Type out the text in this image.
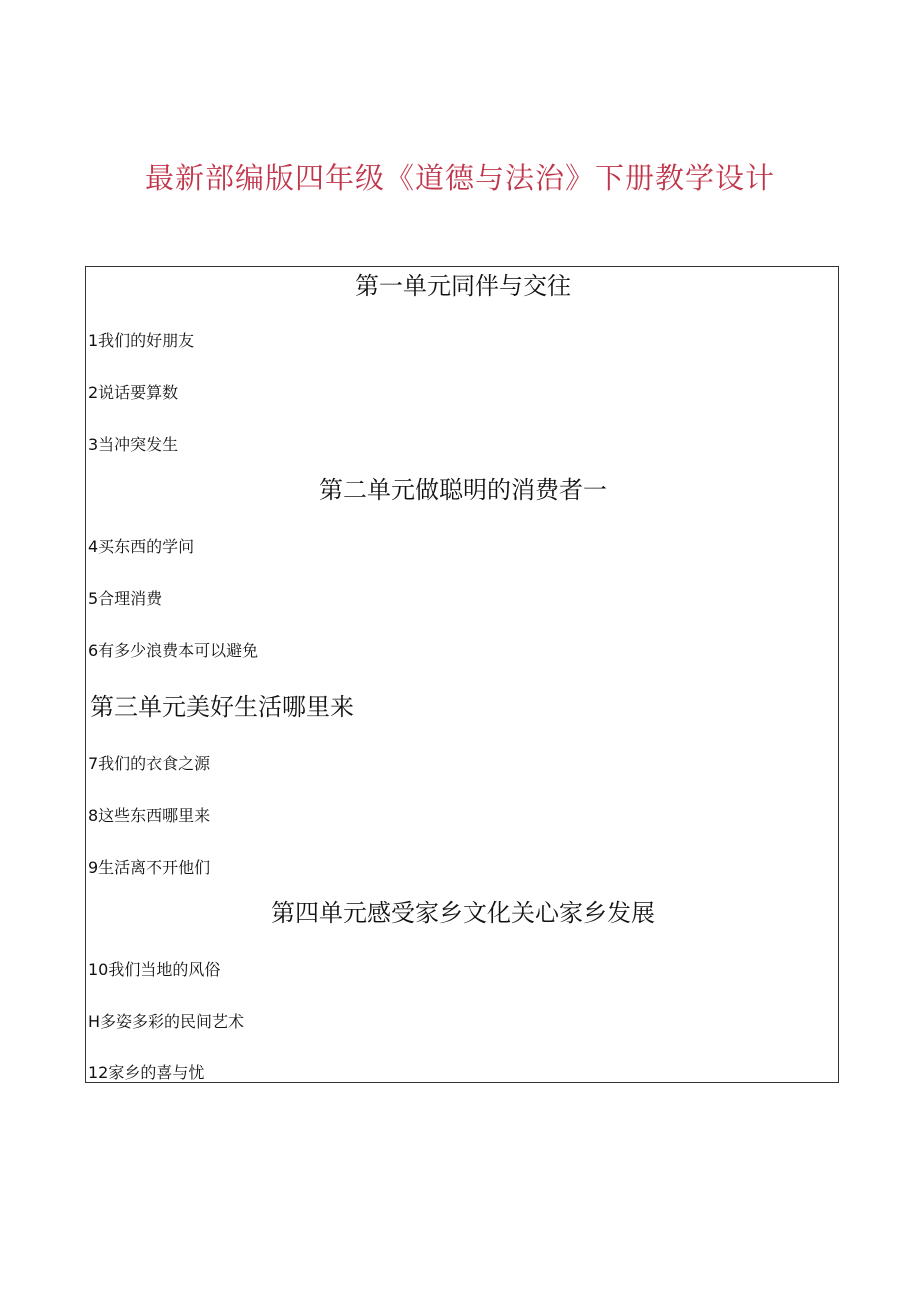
最新部编版四年级《道德与法治》下册教学设计
第一单元同伴与交往
1我们的好朋友
2说话要算数
3当冲突发生
第二单元做聪明的消费者一
4买东西的学问
5合理消费
6有多少浪费本可以避免
第三单元美好生活哪里来
7我们的衣食之源
8这些东西哪里来
9生活离不开他们
第四单元感受家乡文化关心家乡发展
10我们当地的风俗
H多姿多彩的民间艺术
12家乡的喜与忧
